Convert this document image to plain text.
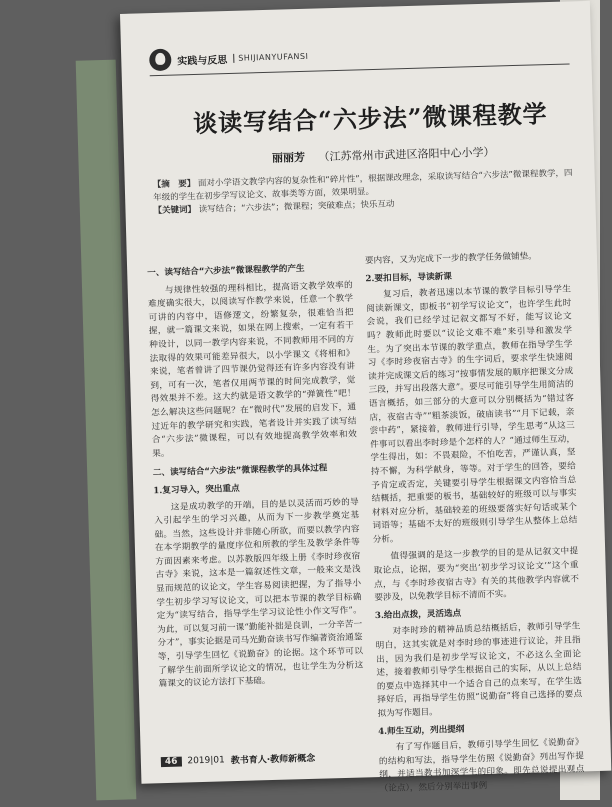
实践与反思	SHIJIANYUFANSI
谈读写结合“六步法”微课程教学
丽丽芳 （江苏常州市武进区洛阳中心小学）
【摘　要】 面对小学语文教学内容的复杂性和“碎片性”，根据课改理念，采取读写结合“六步法”微课程教学，四年级的学生在初步学写议论文、故事类等方面，效果明显。
【关键词】 读写结合；“六步法”；微课程；突破难点；快乐互动
一、读写结合“六步法”微课程教学的产生

与规律性较强的理科相比，提高语文教学效率的难度确实很大，以阅读写作教学来说，任意一个教学可讲的内容中，语修逻文，纷繁复杂，很难恰当把握，就一篇课文来说，如果在网上搜索，一定有若干种设计，以同一教学内容来说，不同教师用不同的方法取得的效果可能差异很大，以小学课文《将相和》来说，笔者曾讲了四节课仍觉得还有许多内容没有讲到，可有一次，笔者仅用两节课的时间完成教学，觉得效果并不差。这大约就是语文教学的“弹簧性”吧！怎么解决这些问题呢？在“微时代”发展的启发下，通过近年的教学研究和实践，笔者设计并实践了读写结合“六步法”微课程，可以有效地提高教学效率和效果。

二、读写结合“六步法”微课程教学的具体过程
1.复习导入，突出重点

这是成功教学的开端，目的是以灵活而巧妙的导入引起学生的学习兴趣，从而为下一步教学奠定基础。当然，这些设计并非随心所欲，而要以教学内容在本学期教学的量度序位和所教的学生及教学条件等方面因素来考虑。以苏教版四年级上册《李时珍夜宿古寺》来说，这本是一篇叙述性文章，一般来文是浅显而规范的议论文，学生容易阅读把握，为了指导小学生初步学习写议论文，可以把本节课的教学目标确定为“读写结合，指导学生学习议论性小作文写作”。为此，可以复习前一课“勤能补拙是良训，一分辛苦一分才”，事实论据是司马光勤奋读书写作编著资治通鉴等，引导学生回忆《说勤奋》的论据。这个环节可以了解学生前面所学议论文的情况，也让学生为分析这篇课文的议论方法打下基础。

要内容，又为完成下一步的教学任务做铺垫。

2.要扣目标，导读新课

复习后，教者迅速以本节课的教学目标引导学生阅读新课文，即板书“初学写议论文”，也许学生此时会说，我们已经学过记叙文都写不好，能写议论文吗？教师此时要以“议论文难不难”来引导和激发学生。为了突出本节课的教学重点，教师在指导学生学习《李时珍夜宿古寺》的生字词后，要求学生快速阅读并完成课文后的练习“按事情发展的顺序把课文分成三段，并写出段落大意”。要尽可能引导学生用简洁的语言概括，如三部分的大意可以分别概括为“错过客店，夜宿古寺”“粗茶淡饭，破庙读书”“月下记载，亲尝中药”，紧接着，教师进行引导，学生思考“从这三件事可以看出李时珍是个怎样的人？”通过师生互动，学生得出，如：不畏艰险，不怕吃苦，严谨认真，坚持不懈，为科学献身，等等。对于学生的回答，要给予肯定或否定，关键要引导学生根据课文内容恰当总结概括，把重要的板书，基础较好的班级可以与事实材料对应分析，基础较差的班级要落实好句话或某个词语等；基础不太好的班级则引导学生从整体上总结分析。

值得强调的是这一步教学的目的是从记叙文中提取论点，论据，要为“突出‘初步学习议论文’”这个重点，与《李时珍夜宿古寺》有关的其他教学内容就不要涉及，以免教学目标不清而不实。

3.给出点拨，灵活选点

对李时珍的精神品质总结概括后，教师引导学生明白，这其实就是对李时珍的事迹进行议论，并且指出，因为我们是初步学写议论文，不必这么全面论述，接着教师引导学生根据自己的实际，从以上总结的要点中选择其中一个适合自己的点来写，在学生选择好后，再指导学生仿照“说勤奋”将自己选择的要点拟为写作题目。

4.师生互动，列出提纲

有了写作题目后，教师引导学生回忆《说勤奋》的结构和写法，指导学生仿照《说勤奋》列出写作提纲，并适当教书加深学生的印象。即先总说提出观点（论点），然后分别举出事例

46	2019|01 教书育人·教师新概念
